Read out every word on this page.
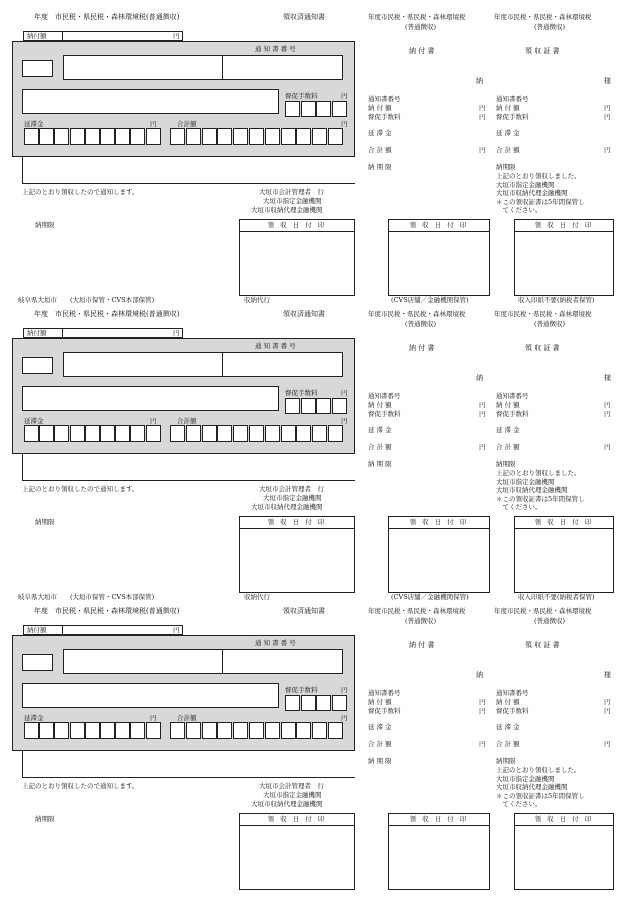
年度　市民税・県民税・森林環境税(普通徴収)	領収済通知書
納付額	円
通 知 書 番 号
督促手数料	円
延滞金	円	合計額	円
上記のとおり領収したので通知します。	大垣市会計管理者　行
大垣市指定金融機関
大垣市収納代理金融機関
納期限	領 収 日 付 印
岐阜県大垣市　　(大垣市保管・CVS本部保管)	収納代行	(CVS店舗／金融機関保管)	収入印紙不要(納税者保管)
年度市民税・県民税・森林環境税
(普通徴収)
納 付 書
納
通知書番号
納 付 額	円
督促手数料	円
延 滞 金
合 計 額	円
納 期 限
領 収 日 付 印
年度市民税・県民税・森林環境税
(普通徴収)
領 収 証 書
様
通知書番号
納 付 額	円
督促手数料	円
延 滞 金
合 計 額	円
納期限
上記のとおり領収しました。
大垣市指定金融機関
大垣市収納代理金融機関
＊この領収証書は5年間保管し
　てください。
領 収 日 付 印
年度　市民税・県民税・森林環境税(普通徴収)	領収済通知書
納付額	円
通 知 書 番 号
督促手数料	円
延滞金	円	合計額	円
上記のとおり領収したので通知します。	大垣市会計管理者　行
大垣市指定金融機関
大垣市収納代理金融機関
納期限	領 収 日 付 印
岐阜県大垣市　　(大垣市保管・CVS本部保管)	収納代行	(CVS店舗／金融機関保管)	収入印紙不要(納税者保管)
年度市民税・県民税・森林環境税
(普通徴収)
納 付 書
納
通知書番号
納 付 額	円
督促手数料	円
延 滞 金
合 計 額	円
納 期 限
領 収 日 付 印
年度市民税・県民税・森林環境税
(普通徴収)
領 収 証 書
様
通知書番号
納 付 額	円
督促手数料	円
延 滞 金
合 計 額	円
納期限
上記のとおり領収しました。
大垣市指定金融機関
大垣市収納代理金融機関
＊この領収証書は5年間保管し
　てください。
領 収 日 付 印
年度　市民税・県民税・森林環境税(普通徴収)	領収済通知書
納付額	円
通 知 書 番 号
督促手数料	円
延滞金	円	合計額	円
上記のとおり領収したので通知します。	大垣市会計管理者　行
大垣市指定金融機関
大垣市収納代理金融機関
納期限	領 収 日 付 印
年度市民税・県民税・森林環境税
(普通徴収)
納 付 書
納
通知書番号
納 付 額	円
督促手数料	円
延 滞 金
合 計 額	円
納 期 限
領 収 日 付 印
年度市民税・県民税・森林環境税
(普通徴収)
領 収 証 書
様
通知書番号
納 付 額	円
督促手数料	円
延 滞 金
合 計 額	円
納期限
上記のとおり領収しました。
大垣市指定金融機関
大垣市収納代理金融機関
＊この領収証書は5年間保管し
　てください。
領 収 日 付 印
